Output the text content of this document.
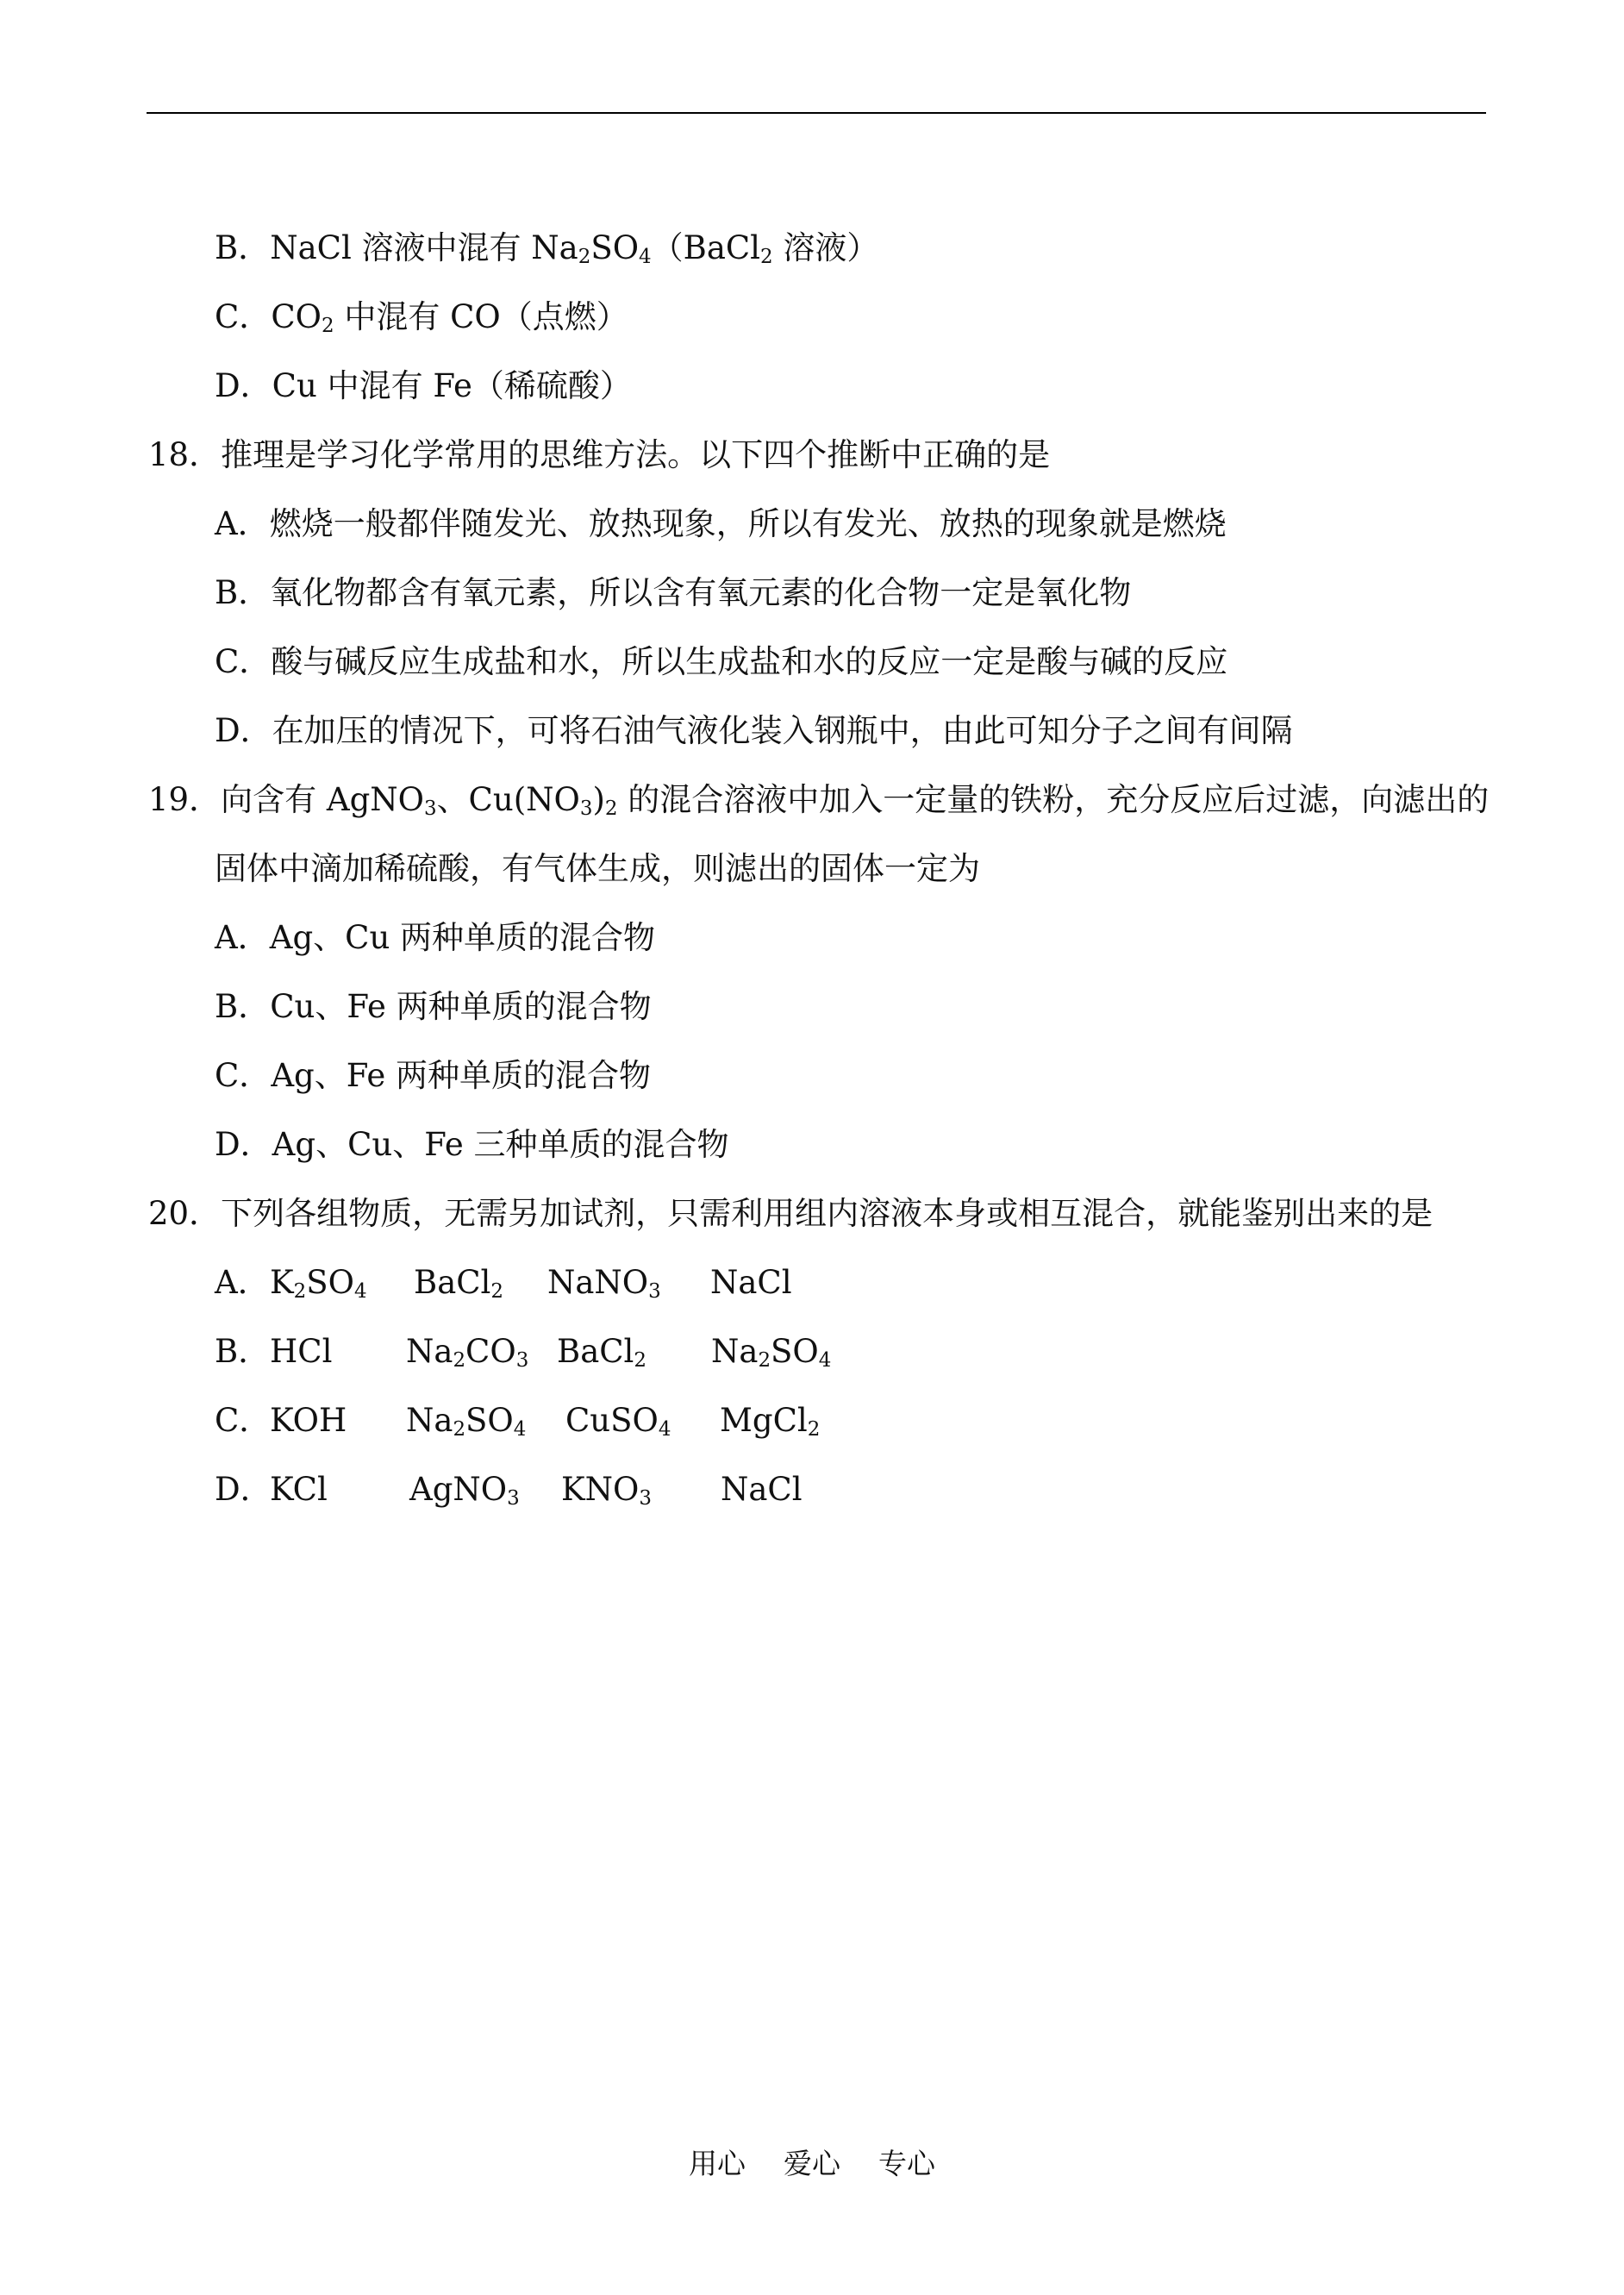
B．NaCl 溶液中混有 $Na_2SO_4(BaCl_2$ 溶液）
C．$CO_2$ 中混有 CO（点燃）
D．Cu 中混有 Fe（稀硫酸）
18．推理是学习化学常用的思维方法。以下四个推断中正确的是
A．燃烧一般都伴随发光、放热现象，所以有发光、放热的现象就是燃烧
B．氧化物都含有氧元素，所以含有氧元素的化合物一定是氧化物
C．酸与碱反应生成盐和水，所以生成盐和水的反应一定是酸与碱的反应
D．在加压的情况下，可将石油气液化装入钢瓶中，由此可知分子之间有间隔
19．向含有 AgNO$_3$、$Cu(NO_3)_2$ 的混合溶液中加入一定量的铁粉，充分反应后过滤，向滤出的
固体中滴加稀硫酸，有气体生成，则滤出的固体一定为
A．Ag、Cu 两种单质的混合物
B．Cu、Fe 两种单质的混合物
C．Ag、Fe 两种单质的混合物
D．Ag、Cu、Fe 三种单质的混合物
20．下列各组物质，无需另加试剂，只需利用组内溶液本身或相互混合，就能鉴别出来的是
A． $K_2SO_4$ BaCl$_2$ NaNO$_3$ NaCl
B． HCl $Na_2CO_3$ BaCl$_2$ $Na_2SO_4$
C．
KOH $Na_2SO_4$ CuSO$_4$ MgCl$_2$
D．
KCl	AgNO$_3$ $KNO_3$ NaCl
用心 爱心 专心
